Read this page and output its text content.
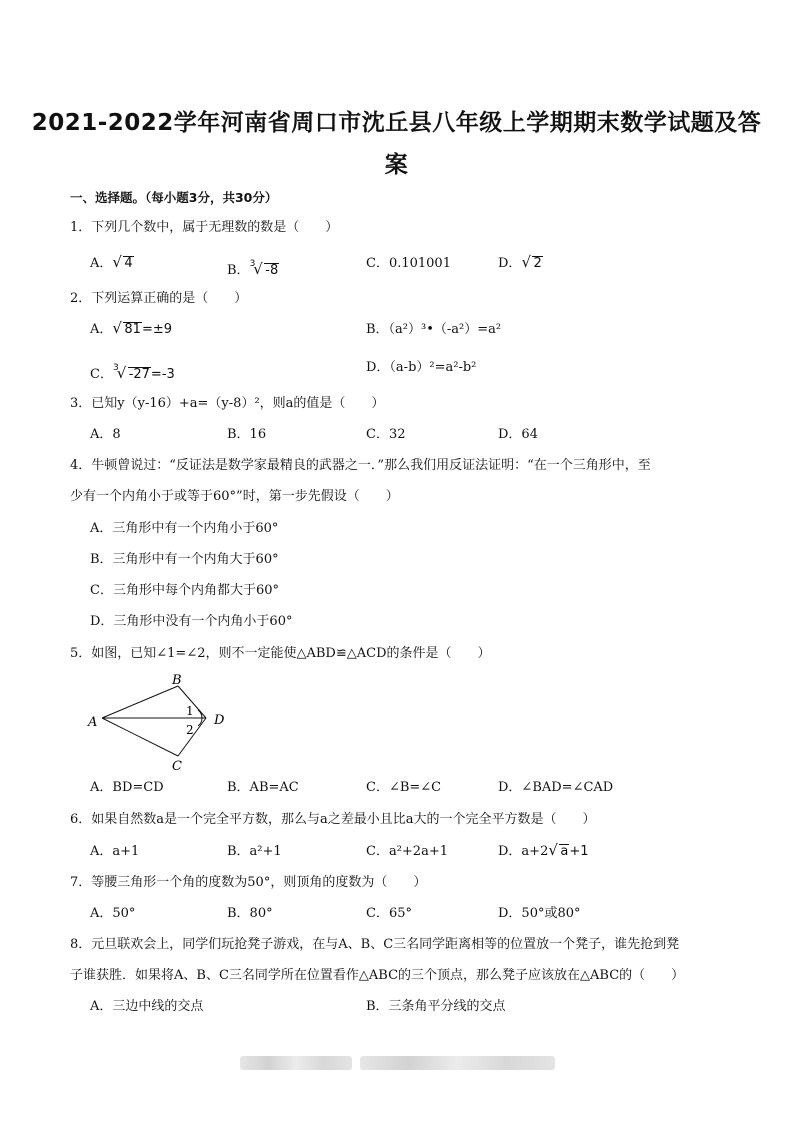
2021-2022学年河南省周口市沈丘县八年级上学期期末数学试题及答
案
一、选择题。（每小题3分，共30分）
1．下列几个数中，属于无理数的数是（　　）
A． √ 4	B．$^3$ √ -8	C．0.101001	D． √ 2
2．下列运算正确的是（　　）
A． √ 81=±9	B．（a²）³•（-a²）=a²
C．$^3$ √ -27=-3	D．（a-b）²=a²-b²
3．已知y（y-16）+a=（y-8）²，则a的值是（　　）
A．8	B．16	C．32	D．64
4．牛顿曾说过：“反证法是数学家最精良的武器之一．”那么我们用反证法证明：“在一个三角形中，至
少有一个内角小于或等于60°”时，第一步先假设（　　）
A．三角形中有一个内角小于60°
B．三角形中有一个内角大于60°
C．三角形中每个内角都大于60°
D．三角形中没有一个内角小于60°
5．如图，已知∠1=∠2，则不一定能使△ABD≌△ACD的条件是（　　）
A
B
C
D
1
2
A．BD=CD	B．AB=AC	C．∠B=∠C	D．∠BAD=∠CAD
6．如果自然数a是一个完全平方数，那么与a之差最小且比a大的一个完全平方数是（　　）
A．a+1	B．a²+1	C．a²+2a+1	D．a+2 √ a+1
7．等腰三角形一个角的度数为50°，则顶角的度数为（　　）
A．50°	B．80°	C．65°	D．50°或80°
8．元旦联欢会上，同学们玩抢凳子游戏，在与A、B、C三名同学距离相等的位置放一个凳子，谁先抢到凳
子谁获胜．如果将A、B、C三名同学所在位置看作△ABC的三个顶点，那么凳子应该放在△ABC的（　　）
A．三边中线的交点	B．三条角平分线的交点
